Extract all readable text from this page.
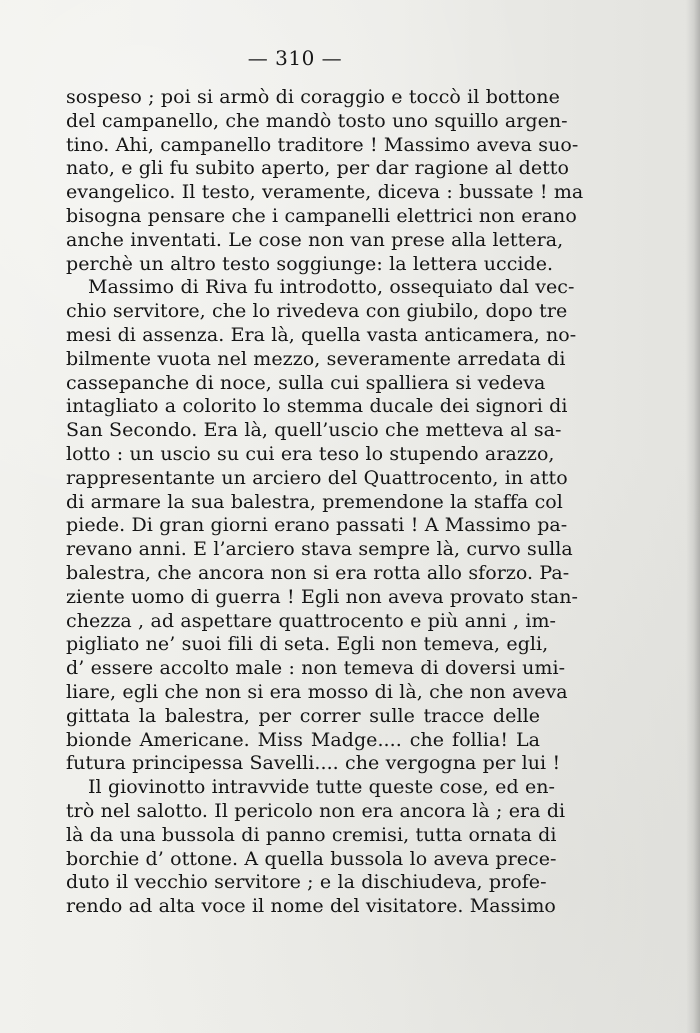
— 310 —
sospeso ; poi si armò di coraggio e toccò il bottone
del campanello, che mandò tosto uno squillo argen-
tino. Ahi, campanello traditore ! Massimo aveva suo-
nato, e gli fu subito aperto, per dar ragione al detto
evangelico. Il testo, veramente, diceva : bussate ! ma
bisogna pensare che i campanelli elettrici non erano
anche inventati. Le cose non van prese alla lettera,
perchè un altro testo soggiunge: la lettera uccide.
Massimo di Riva fu introdotto, ossequiato dal vec-
chio servitore, che lo rivedeva con giubilo, dopo tre
mesi di assenza. Era là, quella vasta anticamera, no-
bilmente vuota nel mezzo, severamente arredata di
cassepanche di noce, sulla cui spalliera si vedeva
intagliato a colorito lo stemma ducale dei signori di
San Secondo. Era là, quell’uscio che metteva al sa-
lotto : un uscio su cui era teso lo stupendo arazzo,
rappresentante un arciero del Quattrocento, in atto
di armare la sua balestra, premendone la staffa col
piede. Di gran giorni erano passati ! A Massimo pa-
revano anni. E l’arciero stava sempre là, curvo sulla
balestra, che ancora non si era rotta allo sforzo. Pa-
ziente uomo di guerra ! Egli non aveva provato stan-
chezza , ad aspettare quattrocento e più anni , im-
pigliato ne’ suoi fili di seta. Egli non temeva, egli,
d’ essere accolto male : non temeva di doversi umi-
liare, egli che non si era mosso di là, che non aveva
gittata la balestra, per correr sulle tracce delle
bionde Americane. Miss Madge.... che follia! La
futura principessa Savelli.... che vergogna per lui !
Il giovinotto intravvide tutte queste cose, ed en-
trò nel salotto. Il pericolo non era ancora là ; era di
là da una bussola di panno cremisi, tutta ornata di
borchie d’ ottone. A quella bussola lo aveva prece-
duto il vecchio servitore ; e la dischiudeva, profe-
rendo ad alta voce il nome del visitatore. Massimo
